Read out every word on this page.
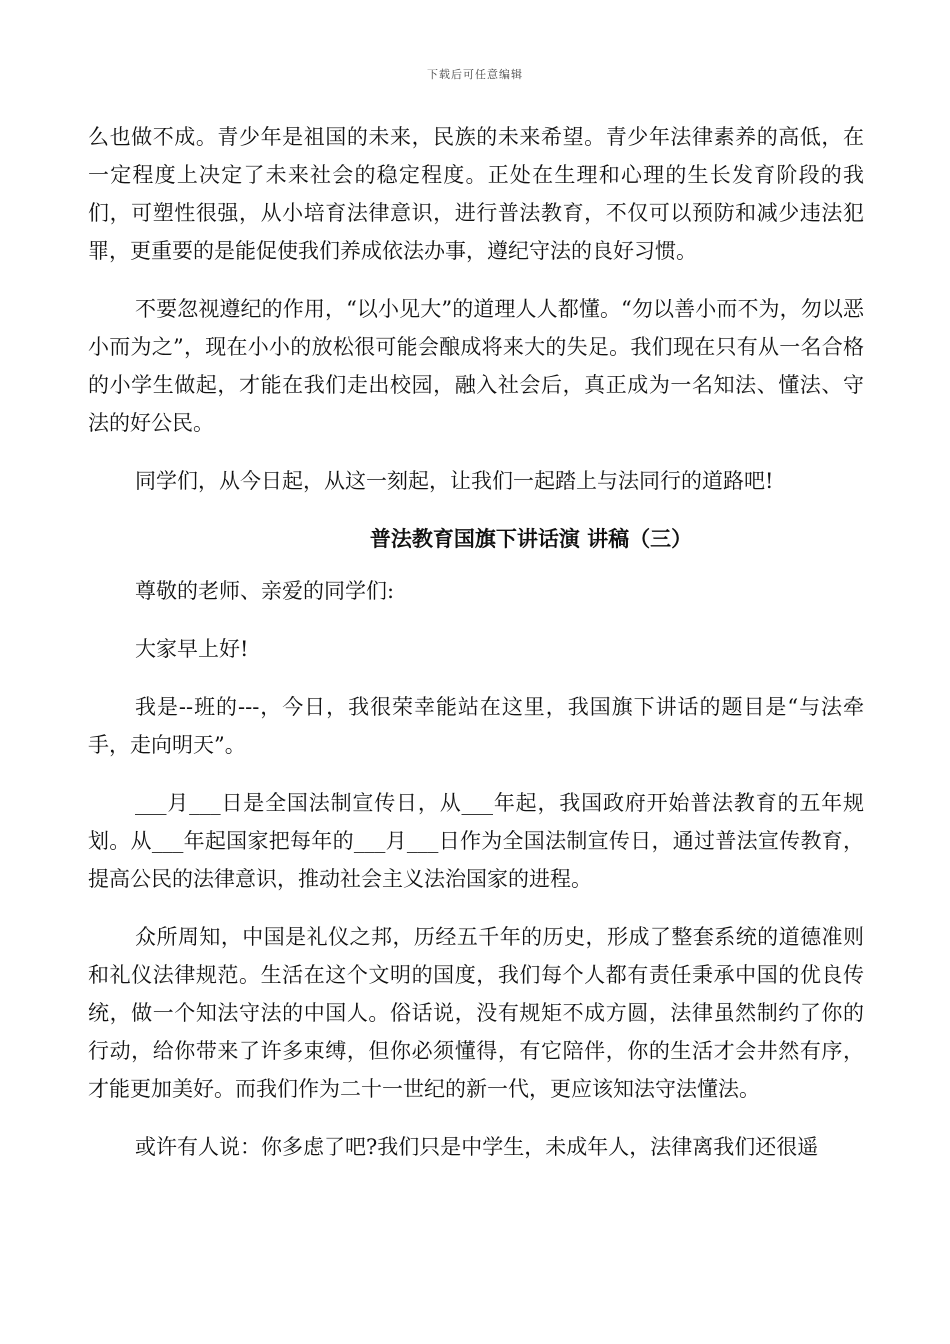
下载后可任意编辑

么也做不成。青少年是祖国的未来，民族的未来希望。青少年法律素养的高低，在一定程度上决定了未来社会的稳定程度。正处在生理和心理的生长发育阶段的我们，可塑性很强，从小培育法律意识，进行普法教育，不仅可以预防和减少违法犯罪，更重要的是能促使我们养成依法办事，遵纪守法的良好习惯。

不要忽视遵纪的作用，“以小见大”的道理人人都懂。“勿以善小而不为，勿以恶小而为之”，现在小小的放松很可能会酿成将来大的失足。我们现在只有从一名合格的小学生做起，才能在我们走出校园，融入社会后，真正成为一名知法、懂法、守法的好公民。

同学们，从今日起，从这一刻起，让我们一起踏上与法同行的道路吧!

普法教育国旗下讲话演 讲稿（三）

尊敬的老师、亲爱的同学们:

大家早上好!

我是--班的---，今日，我很荣幸能站在这里，我国旗下讲话的题目是“与法牵手，走向明天”。

___月___日是全国法制宣传日，从___年起，我国政府开始普法教育的五年规划。从___年起国家把每年的___月___日作为全国法制宣传日，通过普法宣传教育，提高公民的法律意识，推动社会主义法治国家的进程。

众所周知，中国是礼仪之邦，历经五千年的历史，形成了整套系统的道德准则和礼仪法律规范。生活在这个文明的国度，我们每个人都有责任秉承中国的优良传统，做一个知法守法的中国人。俗话说，没有规矩不成方圆，法律虽然制约了你的行动，给你带来了许多束缚，但你必须懂得，有它陪伴，你的生活才会井然有序，才能更加美好。而我们作为二十一世纪的新一代，更应该知法守法懂法。

或许有人说：你多虑了吧?我们只是中学生，未成年人，法律离我们还很遥
